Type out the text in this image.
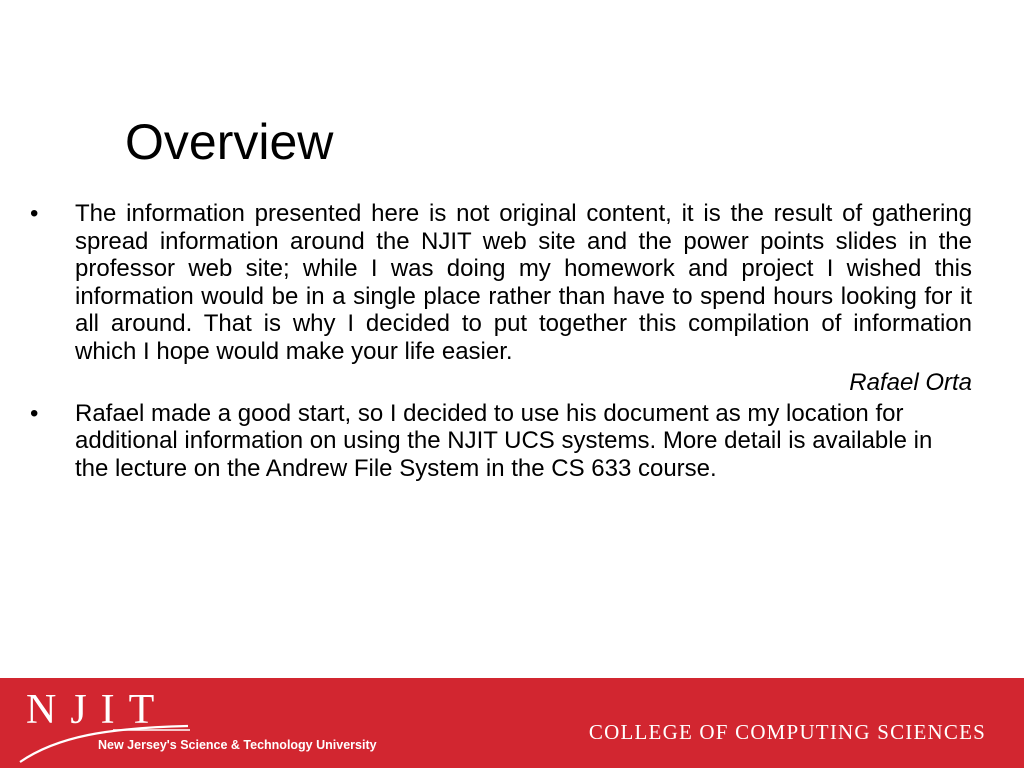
Overview
• The information presented here is not original content, it is the result of gathering spread information around the NJIT web site and the power points slides in the professor web site; while I was doing my homework and project I wished this information would be in a single place rather than have to spend hours looking for it all around. That is why I decided to put together this compilation of information which I hope would make your life easier.
Rafael Orta
• Rafael made a good start, so I decided to use his document as my location for additional information on using the NJIT UCS systems. More detail is available in the lecture on the Andrew File System in the CS 633 course.
NJIT
New Jersey's Science & Technology University
COLLEGE OF COMPUTING SCIENCES
